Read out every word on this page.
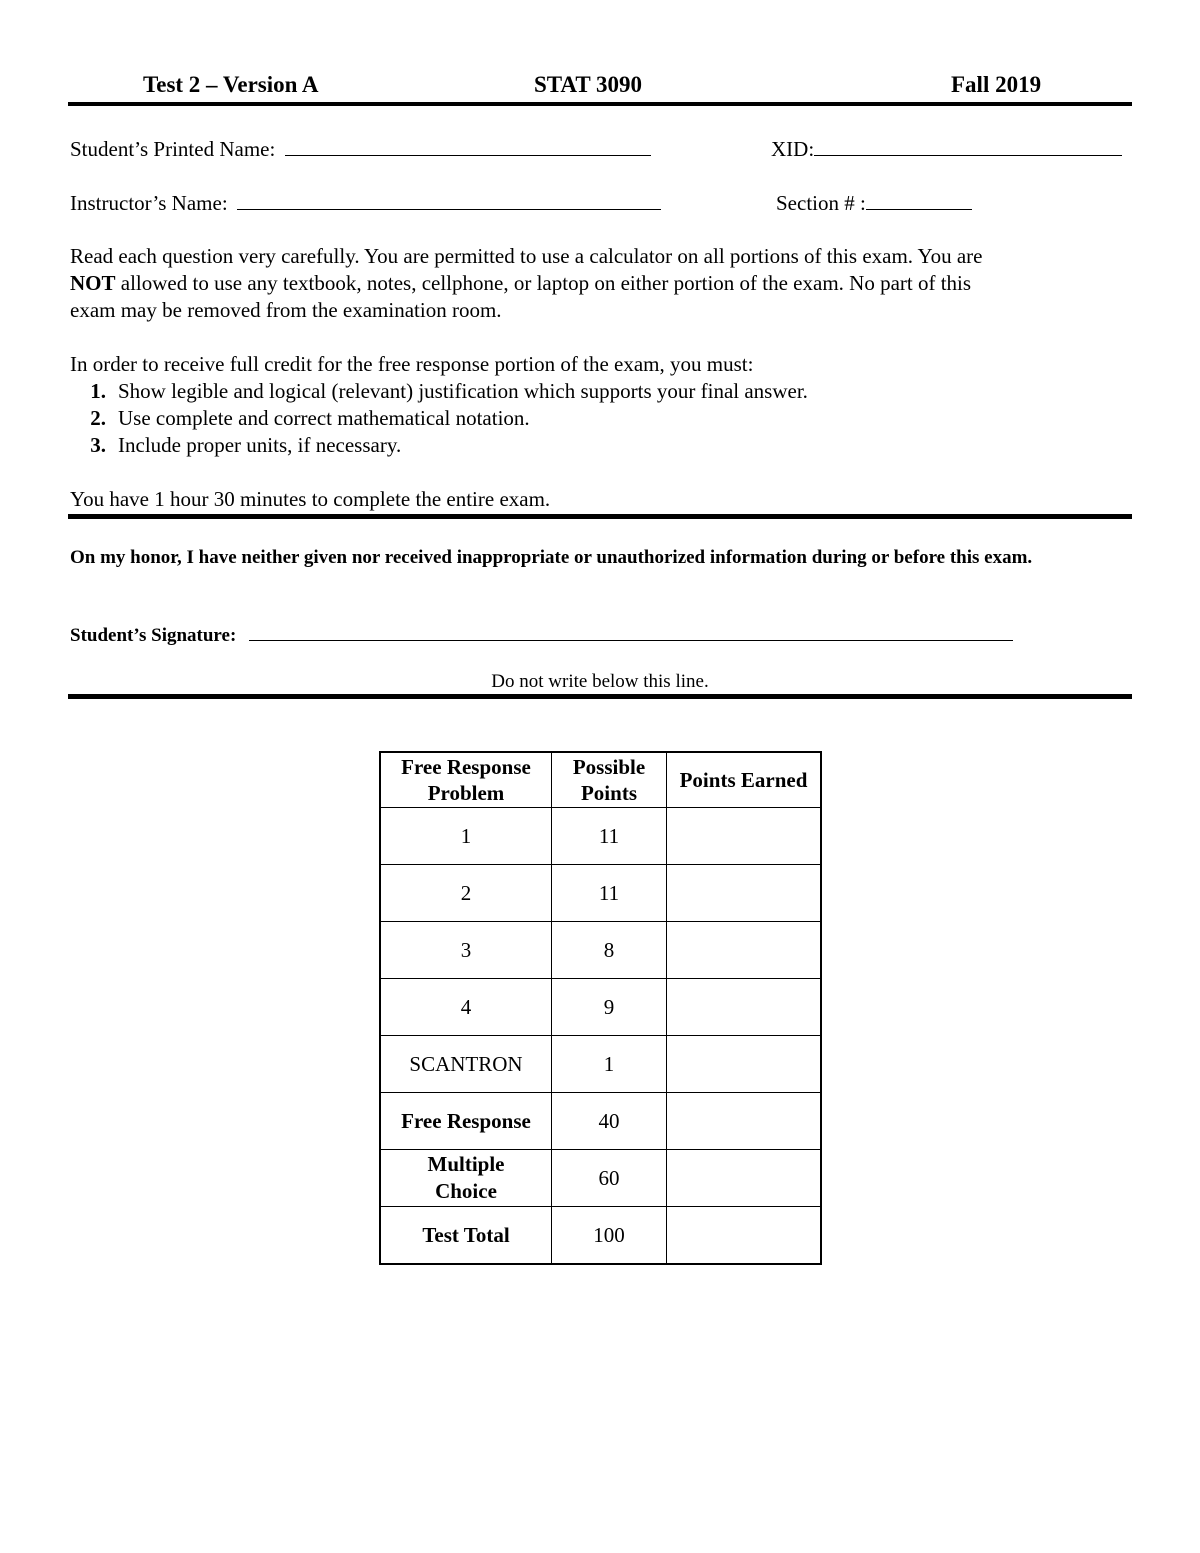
Test 2 – Version A	STAT 3090	Fall 2019
Student’s Printed Name:	XID:
Instructor’s Name:	Section # :
Read each question very carefully. You are permitted to use a calculator on all portions of this exam. You are
NOT allowed to use any textbook, notes, cellphone, or laptop on either portion of the exam. No part of this
exam may be removed from the examination room.
In order to receive full credit for the free response portion of the exam, you must:
1. Show legible and logical (relevant) justification which supports your final answer.
2. Use complete and correct mathematical notation.
3. Include proper units, if necessary.
You have 1 hour 30 minutes to complete the entire exam.
On my honor, I have neither given nor received inappropriate or unauthorized information during or before this exam.
Student’s Signature:
Do not write below this line.
Free Response Problem	Possible Points	Points Earned
1	11	
2	11	
3	8	
4	9	
SCANTRON	1	
Free Response	40	
Multiple Choice	60	
Test Total	100	
